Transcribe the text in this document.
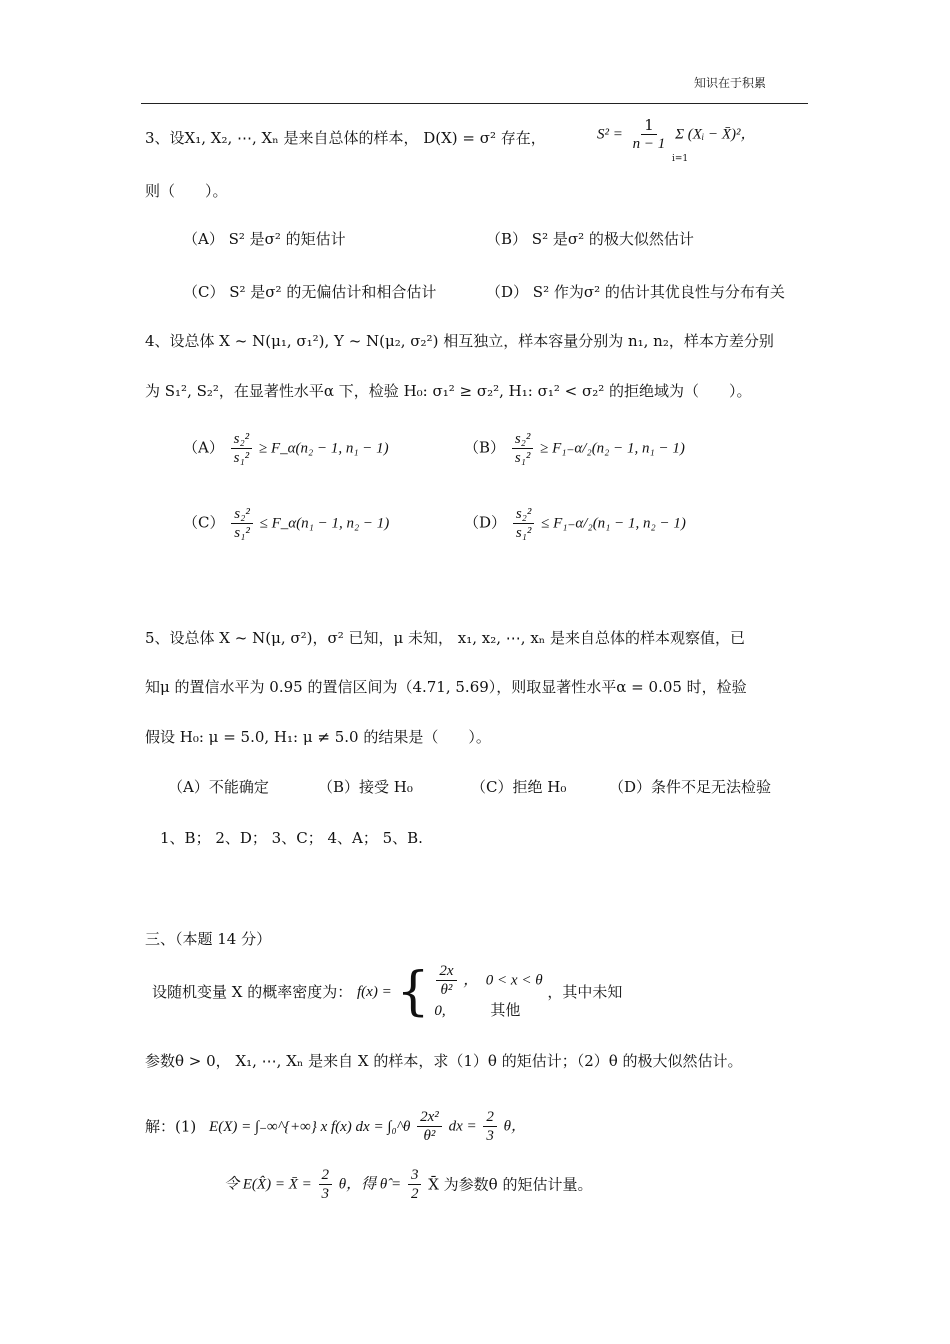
知识在于积累
3、设X₁, X₂, ⋯, Xₙ 是来自总体的样本， D(X) = σ² 存在，	$S^2 = \frac{1}{n - 1}$ Σ (Xᵢ − X̄)²，
i=1
则（　　）。
（A） S² 是σ² 的矩估计	（B） S² 是σ² 的极大似然估计
（C） S² 是σ² 的无偏估计和相合估计	（D） S² 作为σ² 的估计其优良性与分布有关
4、设总体 X ~ N(μ₁, σ₁²), Y ~ N(μ₂, σ₂²) 相互独立，样本容量分别为 n₁, n₂，样本方差分别
为 S₁², S₂²，在显著性水平α 下，检验 H₀: σ₁² ≥ σ₂², H₁: σ₁² < σ₂² 的拒绝域为（　　）。
$(A) \frac{\text{s₂²}}{\text{s₁²}}$ ≥ F_α(n₂ − 1, n₁ − 1)	$(B) \frac{\text{s₂²}}{\text{s₁²}} \ge F_{1-}\alpha/_2(n_2 - 1$, n₁ − 1)
$(C) \frac{\text{s₂²}}{\text{s₁²}}$ ≤ F_α(n₁ − 1, n₂ − 1)	$(D) \frac{\text{s₂²}}{\text{s₁²}} \le F_{1-}\alpha/_2(n_1 - 1$, n₂ − 1)
5、设总体 X ~ N(μ, σ²)，σ² 已知，μ 未知， x₁, x₂, ⋯, xₙ 是来自总体的样本观察值，已
知μ 的置信水平为 0.95 的置信区间为（4.71, 5.69），则取显著性水平α = 0.05 时，检验
假设 H₀: μ = 5.0, H₁: μ ≠ 5.0 的结果是（　　）。
（A）不能确定	（B）接受 H₀	（C）拒绝 H₀	（D）条件不足无法检验
1、B； 2、D； 3、C； 4、A； 5、B.
三、（本题 14 分）
设随机变量 X 的概率密度为： f(x) = { $\frac{2x}{\text{θ²}}$ ，　0 < x < θ
0,	其他
，其中未知
参数θ > 0， X₁, ⋯, Xₙ 是来自 X 的样本，求（1）θ 的矩估计；（2）θ 的极大似然估计。
解：(1) E(X) = ∫₋∞^{+∞} x f(x) dx = ∫₀^θ $\frac{\text{2x²}}{\text{θ²}}$ dx = $\frac{2}{3}$ θ，
令 E(X̂) = X̄ = $\frac{2}{3}$ θ，得 θ̂ = $\frac{3}{2}$ X̄ 为参数θ 的矩估计量。
